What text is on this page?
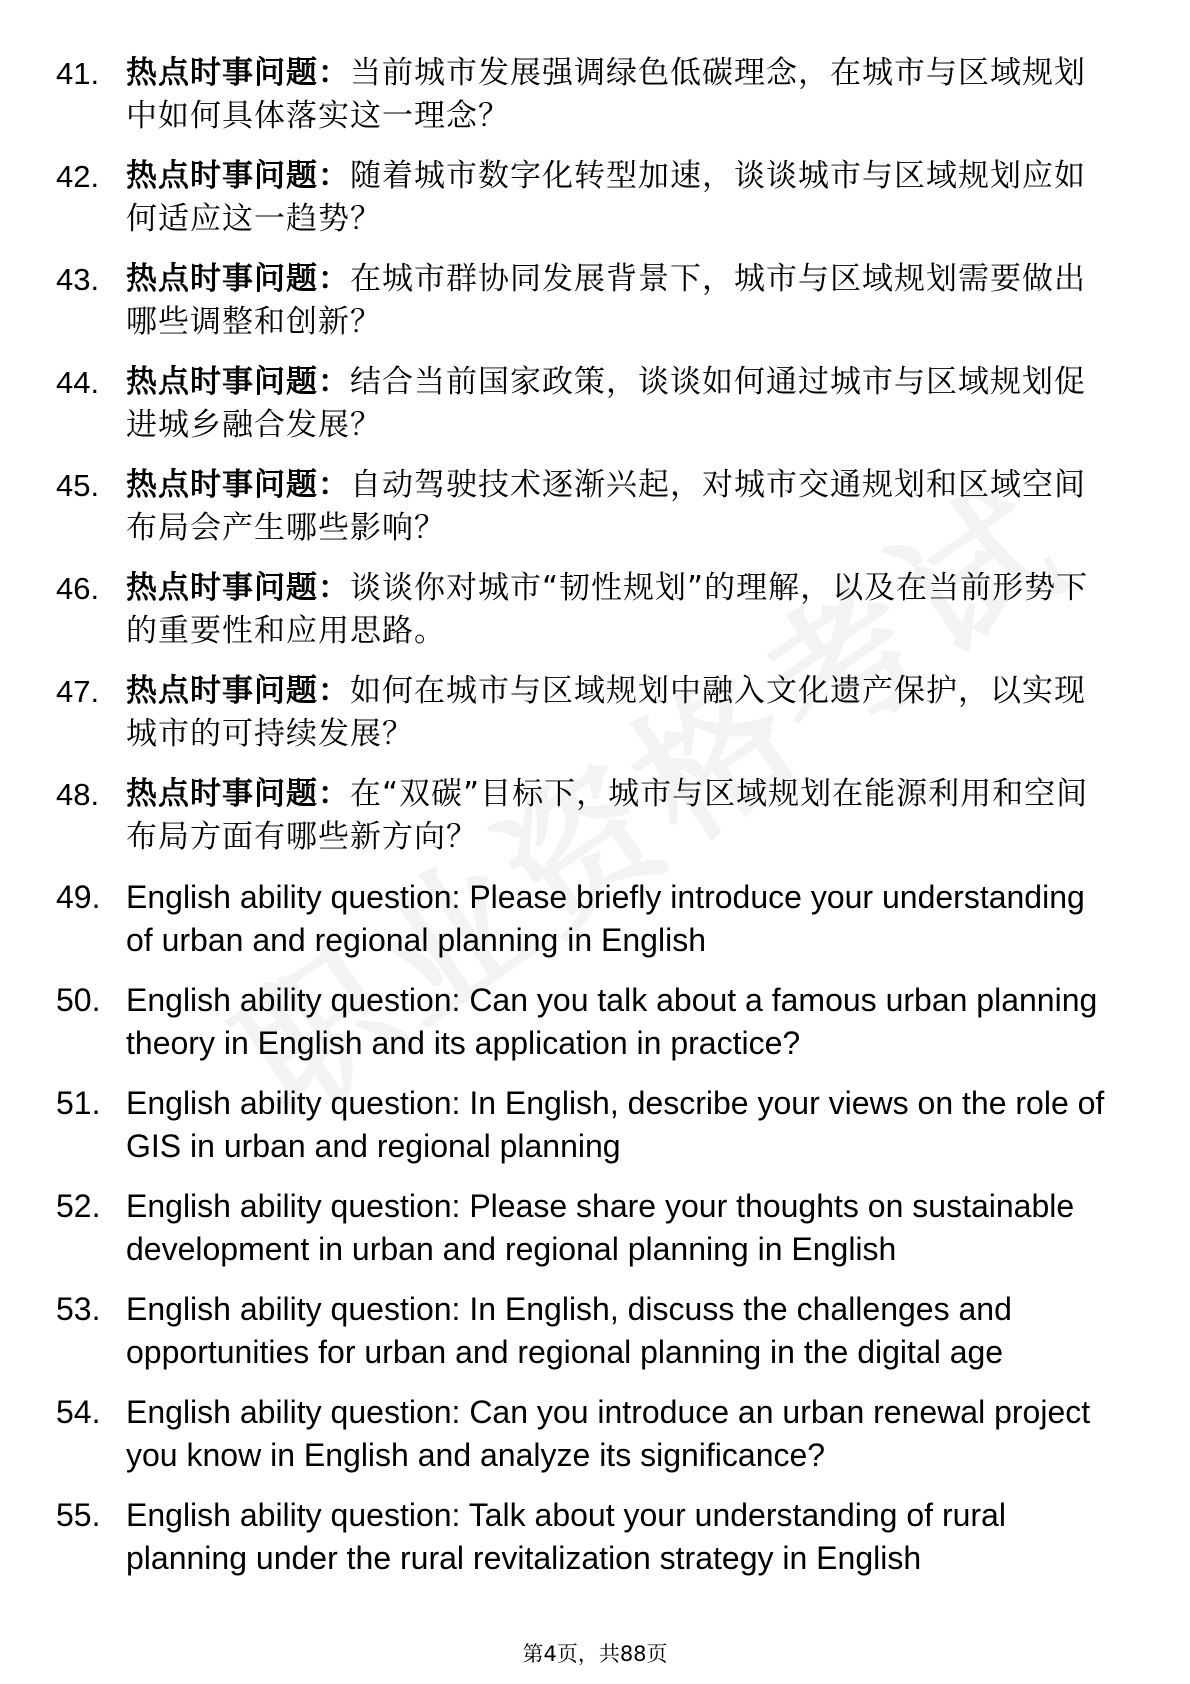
41. 热点时事问题：当前城市发展强调绿色低碳理念，在城市与区域规划中如何具体落实这一理念？
42. 热点时事问题：随着城市数字化转型加速，谈谈城市与区域规划应如何适应这一趋势？
43. 热点时事问题：在城市群协同发展背景下，城市与区域规划需要做出哪些调整和创新？
44. 热点时事问题：结合当前国家政策，谈谈如何通过城市与区域规划促进城乡融合发展？
45. 热点时事问题：自动驾驶技术逐渐兴起，对城市交通规划和区域空间布局会产生哪些影响？
46. 热点时事问题：谈谈你对城市“韧性规划”的理解，以及在当前形势下的重要性和应用思路。
47. 热点时事问题：如何在城市与区域规划中融入文化遗产保护，以实现城市的可持续发展？
48. 热点时事问题：在“双碳”目标下，城市与区域规划在能源利用和空间布局方面有哪些新方向？
49. English ability question: Please briefly introduce your understanding of urban and regional planning in English
50. English ability question: Can you talk about a famous urban planning theory in English and its application in practice?
51. English ability question: In English, describe your views on the role of GIS in urban and regional planning
52. English ability question: Please share your thoughts on sustainable development in urban and regional planning in English
53. English ability question: In English, discuss the challenges and opportunities for urban and regional planning in the digital age
54. English ability question: Can you introduce an urban renewal project you know in English and analyze its significance?
55. English ability question: Talk about your understanding of rural planning under the rural revitalization strategy in English
第4页，共88页
